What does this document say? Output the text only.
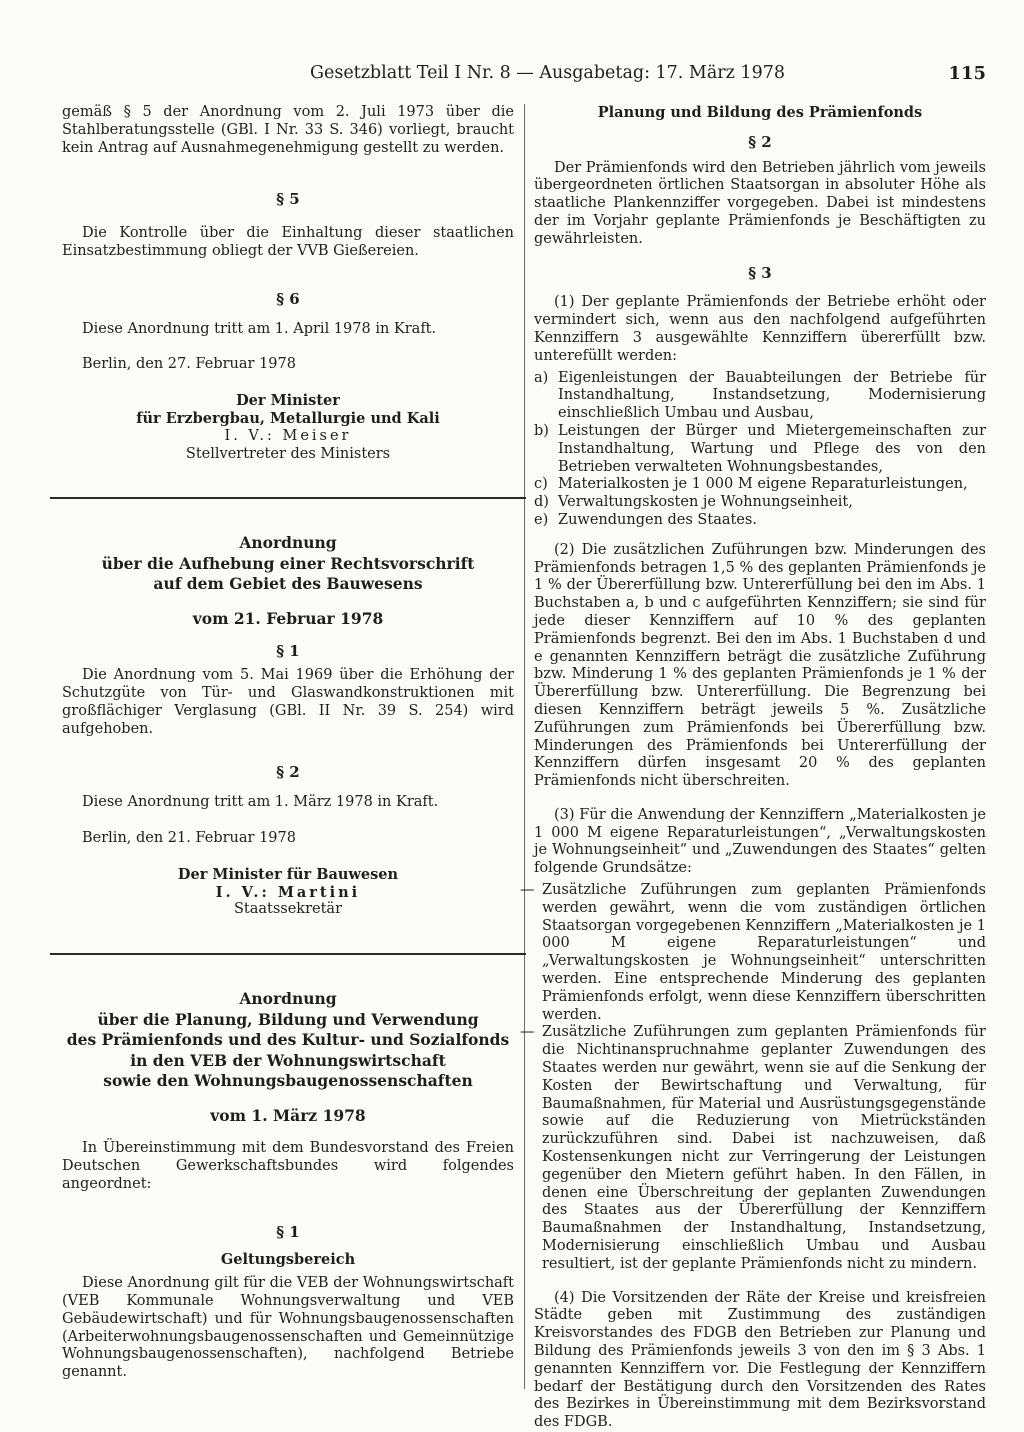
Gesetzblatt Teil I Nr. 8 — Ausgabetag: 17. März 1978	115

gemäß § 5 der Anordnung vom 2. Juli 1973 über die Stahlberatungsstelle (GBl. I Nr. 33 S. 346) vorliegt, braucht kein Antrag auf Ausnahmegenehmigung gestellt zu werden.

§ 5

Die Kontrolle über die Einhaltung dieser staatlichen Einsatzbestimmung obliegt der VVB Gießereien.

§ 6

Diese Anordnung tritt am 1. April 1978 in Kraft.

Berlin, den 27. Februar 1978

Der Minister

für Erzbergbau, Metallurgie und Kali

I. V.: Meiser

Stellvertreter des Ministers

Anordnung
über die Aufhebung einer Rechtsvorschrift
auf dem Gebiet des Bauwesens
vom 21. Februar 1978

§ 1

Die Anordnung vom 5. Mai 1969 über die Erhöhung der Schutzgüte von Tür- und Glaswandkonstruktionen mit großflächiger Verglasung (GBl. II Nr. 39 S. 254) wird aufgehoben.

§ 2

Diese Anordnung tritt am 1. März 1978 in Kraft.

Berlin, den 21. Februar 1978

Der Minister für Bauwesen

I. V.: Martini

Staatssekretär

Anordnung
über die Planung, Bildung und Verwendung
des Prämienfonds und des Kultur- und Sozialfonds
in den VEB der Wohnungswirtschaft
sowie den Wohnungsbaugenossenschaften
vom 1. März 1978

In Übereinstimmung mit dem Bundesvorstand des Freien Deutschen Gewerkschaftsbundes wird folgendes angeordnet:

§ 1

Geltungsbereich

Diese Anordnung gilt für die VEB der Wohnungswirtschaft (VEB Kommunale Wohnungsverwaltung und VEB Gebäudewirtschaft) und für Wohnungsbaugenossenschaften (Arbeiterwohnungsbaugenossenschaften und Gemeinnützige Wohnungsbaugenossenschaften), nachfolgend Betriebe genannt.

Planung und Bildung des Prämienfonds

§ 2

Der Prämienfonds wird den Betrieben jährlich vom jeweils übergeordneten örtlichen Staatsorgan in absoluter Höhe als staatliche Plankennziffer vorgegeben. Dabei ist mindestens der im Vorjahr geplante Prämienfonds je Beschäftigten zu gewährleisten.

§ 3

(1) Der geplante Prämienfonds der Betriebe erhöht oder vermindert sich, wenn aus den nachfolgend aufgeführten Kennziffern 3 ausgewählte Kennziffern übererfüllt bzw. unterefüllt werden:

a) Eigenleistungen der Bauabteilungen der Betriebe für Instandhaltung, Instandsetzung, Modernisierung einschließlich Umbau und Ausbau,
b) Leistungen der Bürger und Mietergemeinschaften zur Instandhaltung, Wartung und Pflege des von den Betrieben verwalteten Wohnungsbestandes,
c) Materialkosten je 1 000 M eigene Reparaturleistungen,
d) Verwaltungskosten je Wohnungseinheit,
e) Zuwendungen des Staates.

(2) Die zusätzlichen Zuführungen bzw. Minderungen des Prämienfonds betragen 1,5 % des geplanten Prämienfonds je 1 % der Übererfüllung bzw. Untererfüllung bei den im Abs. 1 Buchstaben a, b und c aufgeführten Kennziffern; sie sind für jede dieser Kennziffern auf 10 % des geplanten Prämienfonds begrenzt. Bei den im Abs. 1 Buchstaben d und e genannten Kennziffern beträgt die zusätzliche Zuführung bzw. Minderung 1 % des geplanten Prämienfonds je 1 % der Übererfüllung bzw. Untererfüllung. Die Begrenzung bei diesen Kennziffern beträgt jeweils 5 %. Zusätzliche Zuführungen zum Prämienfonds bei Übererfüllung bzw. Minderungen des Prämienfonds bei Untererfüllung der Kennziffern dürfen insgesamt 20 % des geplanten Prämienfonds nicht überschreiten.

(3) Für die Anwendung der Kennziffern „Materialkosten je 1 000 M eigene Reparaturleistungen“, „Verwaltungskosten je Wohnungseinheit“ und „Zuwendungen des Staates“ gelten folgende Grundsätze:

— Zusätzliche Zuführungen zum geplanten Prämienfonds werden gewährt, wenn die vom zuständigen örtlichen Staatsorgan vorgegebenen Kennziffern „Materialkosten je 1 000 M eigene Reparaturleistungen“ und „Verwaltungskosten je Wohnungseinheit“ unterschritten werden. Eine entsprechende Minderung des geplanten Prämienfonds erfolgt, wenn diese Kennziffern überschritten werden.
— Zusätzliche Zuführungen zum geplanten Prämienfonds für die Nichtinanspruchnahme geplanter Zuwendungen des Staates werden nur gewährt, wenn sie auf die Senkung der Kosten der Bewirtschaftung und Verwaltung, für Baumaßnahmen, für Material und Ausrüstungsgegenstände sowie auf die Reduzierung von Mietrückständen zurückzuführen sind. Dabei ist nachzuweisen, daß Kostensenkungen nicht zur Verringerung der Leistungen gegenüber den Mietern geführt haben. In den Fällen, in denen eine Überschreitung der geplanten Zuwendungen des Staates aus der Übererfüllung der Kennziffern Baumaßnahmen der Instandhaltung, Instandsetzung, Modernisierung einschließlich Umbau und Ausbau resultiert, ist der geplante Prämienfonds nicht zu mindern.

(4) Die Vorsitzenden der Räte der Kreise und kreisfreien Städte geben mit Zustimmung des zuständigen Kreisvorstandes des FDGB den Betrieben zur Planung und Bildung des Prämienfonds jeweils 3 von den im § 3 Abs. 1 genannten Kennziffern vor. Die Festlegung der Kennziffern bedarf der Bestätigung durch den Vorsitzenden des Rates des Bezirkes in Übereinstimmung mit dem Bezirksvorstand des FDGB.
